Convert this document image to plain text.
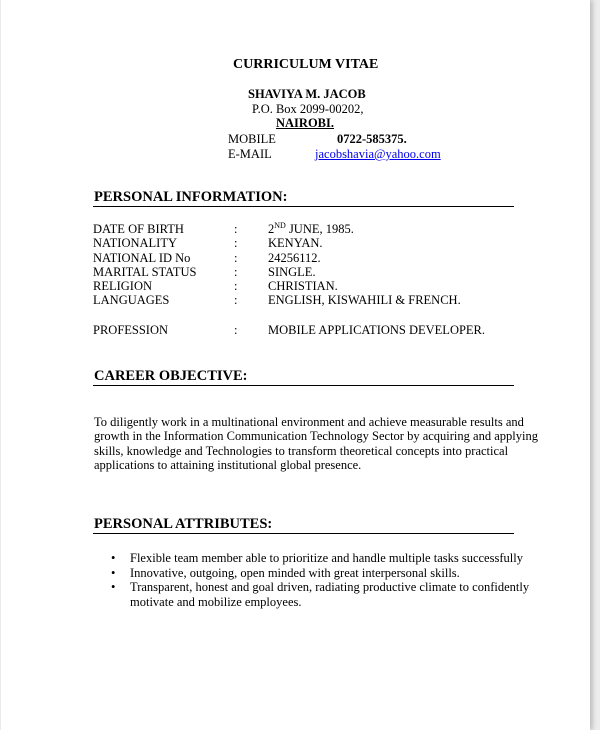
CURRICULUM VITAE
SHAVIYA M. JACOB
P.O. Box 2099-00202,
NAIROBI.
MOBILE	0722-585375.
E-MAIL	jacobshavia@yahoo.com
PERSONAL INFORMATION:
DATE OF BIRTH	: 2ND JUNE, 1985.
NATIONALITY	: KENYAN.
NATIONAL ID No	: 24256112.
MARITAL STATUS	: SINGLE.
RELIGION	: CHRISTIAN.
LANGUAGES	: ENGLISH, KISWAHILI & FRENCH.
PROFESSION	: MOBILE APPLICATIONS DEVELOPER.
CAREER OBJECTIVE:
To diligently work in a multinational environment and achieve measurable results and
growth in the Information Communication Technology Sector by acquiring and applying
skills, knowledge and Technologies to transform theoretical concepts into practical
applications to attaining institutional global presence.
PERSONAL ATTRIBUTES:
• Flexible team member able to prioritize and handle multiple tasks successfully
• Innovative, outgoing, open minded with great interpersonal skills.
• Transparent, honest and goal driven, radiating productive climate to confidently
motivate and mobilize employees.
